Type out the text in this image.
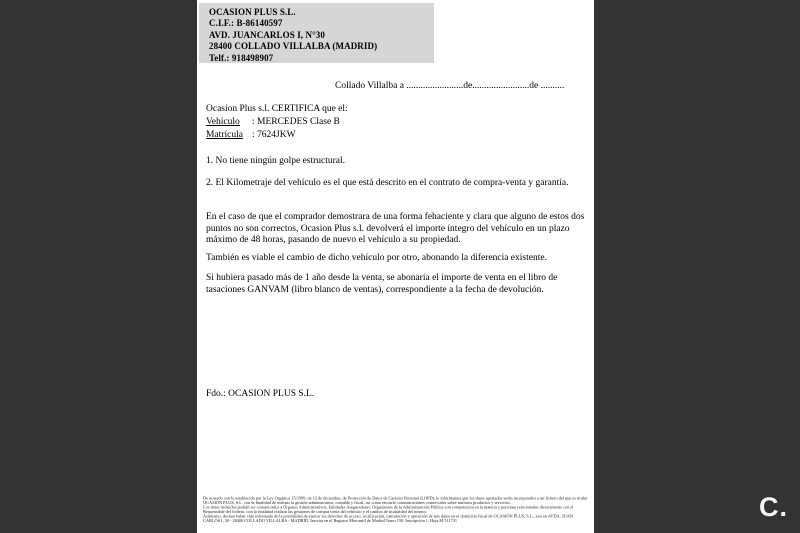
OCASION PLUS S.L.
C.I.F.: B-86140597
AVD. JUANCARLOS I, N°30
28400 COLLADO VILLALBA (MADRID)
Telf.: 918498907
Collado Villalba a ........................de........................de ..........
Ocasion Plus s.l. CERTIFICA que el:
Vehículo : MERCEDES Clase B
Matrícula : 7624JKW
1. No tiene ningún golpe estructural.
2. El Kilometraje del vehículo es el que está descrito en el contrato de compra-venta y garantía.
En el caso de que el comprador demostrara de una forma fehaciente y clara que alguno de estos dos puntos no son correctos, Ocasion Plus s.l. devolverá el importe íntegro del vehículo en un plazo máximo de 48 horas, pasando de nuevo el vehículo a su propiedad.
También es viable el cambio de dicho vehículo por otro, abonando la diferencia existente.
Si hubiera pasado más de 1 año desde la venta, se abonaría el importe de venta en el libro de tasaciones GANVAM (libro blanco de ventas), correspondiente a la fecha de devolución.
Fdo.: OCASION PLUS S.L.
De acuerdo con lo establecido por la Ley Orgánica 15/1999, de 13 de diciembre, de Protección de Datos de Carácter Personal (LOPD), le informamos que los datos aportados serán incorporados a un fichero del que es titular
OCASIÓN PLUS, S.L. con la finalidad de realizar la gestión administrativa, contable y fiscal, así como enviarle comunicaciones comerciales sobre nuestros productos y servicios.
Los datos incluidos podrán ser comunicados a Órganos Administrativos, Entidades Aseguradoras, Organismos de la Administración Pública con competencia en la materia y personas relacionadas directamente con el
Responsable del fichero, con la finalidad realizar las gestiones de compra venta del vehículo y el cambio de titularidad del mismo.
Asimismo, declara haber sido informado de la posibilidad de ejercer los derechos de acceso, rectificación, cancelación y oposición de mis datos en el domicilio fiscal de OCASIÓN PLUS, S.L., sito en AVDA. JUAN
CARLOS I, 30 - 28400 COLLADO VILLALBA - MADRID. Inscrita en el Registro Mercantil de Madrid Tomo 150, Inscripción 1, Hoja M 511731	C.
